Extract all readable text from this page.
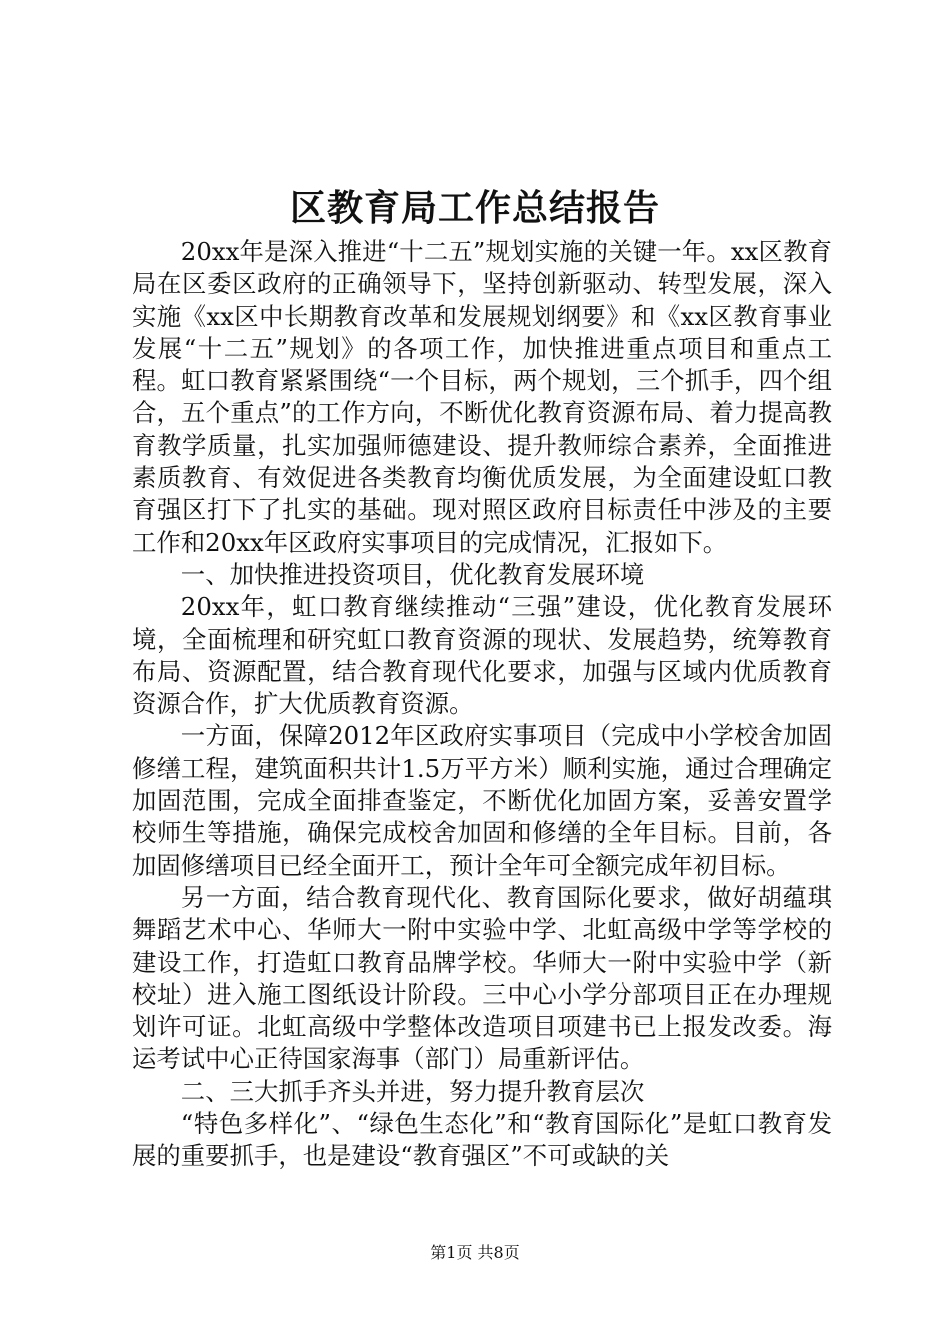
区教育局工作总结报告

20xx年是深入推进“十二五”规划实施的关键一年。xx区教育局在区委区政府的正确领导下，坚持创新驱动、转型发展，深入实施《xx区中长期教育改革和发展规划纲要》和《xx区教育事业发展“十二五”规划》的各项工作，加快推进重点项目和重点工程。虹口教育紧紧围绕“一个目标，两个规划，三个抓手，四个组合，五个重点”的工作方向，不断优化教育资源布局、着力提高教育教学质量，扎实加强师德建设、提升教师综合素养，全面推进素质教育、有效促进各类教育均衡优质发展，为全面建设虹口教育强区打下了扎实的基础。现对照区政府目标责任中涉及的主要工作和20xx年区政府实事项目的完成情况，汇报如下。

一、加快推进投资项目，优化教育发展环境

20xx年，虹口教育继续推动“三强”建设，优化教育发展环境，全面梳理和研究虹口教育资源的现状、发展趋势，统筹教育布局、资源配置，结合教育现代化要求，加强与区域内优质教育资源合作，扩大优质教育资源。

一方面，保障2012年区政府实事项目（完成中小学校舍加固修缮工程，建筑面积共计1.5万平方米）顺利实施，通过合理确定加固范围，完成全面排查鉴定，不断优化加固方案，妥善安置学校师生等措施，确保完成校舍加固和修缮的全年目标。目前，各加固修缮项目已经全面开工，预计全年可全额完成年初目标。

另一方面，结合教育现代化、教育国际化要求，做好胡蕴琪舞蹈艺术中心、华师大一附中实验中学、北虹高级中学等学校的建设工作，打造虹口教育品牌学校。华师大一附中实验中学（新校址）进入施工图纸设计阶段。三中心小学分部项目正在办理规划许可证。北虹高级中学整体改造项目项建书已上报发改委。海运考试中心正待国家海事（部门）局重新评估。

二、三大抓手齐头并进，努力提升教育层次

“特色多样化”、“绿色生态化”和“教育国际化”是虹口教育发展的重要抓手，也是建设“教育强区”不可或缺的关

第1页 共8页
